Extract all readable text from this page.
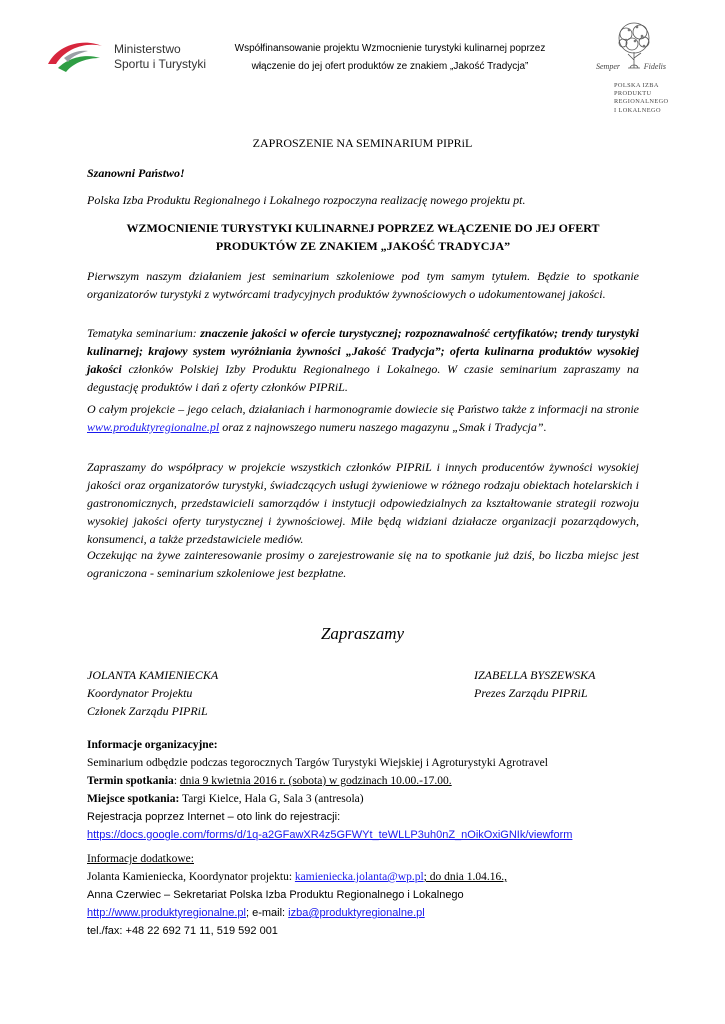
Ministerstwo
Sportu i Turystyki
Współfinansowanie projektu Wzmocnienie turystyki kulinarnej poprzez
włączenie do jej ofert produktów ze znakiem „Jakość Tradycja”	Semper	Fidelis
POLSKA IZBA
PRODUKTU
REGIONALNEGO
I LOKALNEGO
ZAPROSZENIE NA SEMINARIUM PIPRiL
Szanowni Państwo!
Polska Izba Produktu Regionalnego i Lokalnego rozpoczyna realizację nowego projektu pt.
WZMOCNIENIE TURYSTYKI KULINARNEJ POPRZEZ WŁĄCZENIE DO JEJ OFERT
PRODUKTÓW ZE ZNAKIEM „JAKOŚĆ TRADYCJA”
Pierwszym naszym działaniem jest seminarium szkoleniowe pod tym samym tytułem. Będzie to spotkanie organizatorów turystyki z wytwórcami tradycyjnych produktów żywnościowych o udokumentowanej jakości.
Tematyka seminarium: znaczenie jakości w ofercie turystycznej; rozpoznawalność certyfikatów; trendy turystyki kulinarnej; krajowy system wyróżniania żywności „Jakość Tradycja”; oferta kulinarna produktów wysokiej jakości członków Polskiej Izby Produktu Regionalnego i Lokalnego. W czasie seminarium zapraszamy na degustację produktów i dań z oferty członków PIPRiL.
O całym projekcie – jego celach, działaniach i harmonogramie dowiecie się Państwo także z informacji na stronie www.produktyregionalne.pl oraz z najnowszego numeru naszego magazynu „Smak i Tradycja”.
Zapraszamy do współpracy w projekcie wszystkich członków PIPRiL i innych producentów żywności wysokiej jakości oraz organizatorów turystyki, świadczących usługi żywieniowe w różnego rodzaju obiektach hotelarskich i gastronomicznych, przedstawicieli samorządów i instytucji odpowiedzialnych za kształtowanie strategii rozwoju wysokiej jakości oferty turystycznej i żywnościowej. Miłe będą widziani działacze organizacji pozarządowych, konsumenci, a także przedstawiciele mediów.
Oczekując na żywe zainteresowanie prosimy o zarejestrowanie się na to spotkanie już dziś, bo liczba miejsc jest ograniczona - seminarium szkoleniowe jest bezpłatne.
Zapraszamy
JOLANTA KAMIENIECKA
Koordynator Projektu
Członek Zarządu PIPRiL
IZABELLA BYSZEWSKA
Prezes Zarządu PIPRiL
Informacje organizacyjne:
Seminarium odbędzie podczas tegorocznych Targów Turystyki Wiejskiej i Agroturystyki Agrotravel
Termin spotkania: dnia 9 kwietnia 2016 r. (sobota) w godzinach 10.00.-17.00.
Miejsce spotkania: Targi Kielce, Hala G, Sala 3 (antresola)
Rejestracja poprzez Internet – oto link do rejestracji:
https://docs.google.com/forms/d/1q-a2GFawXR4z5GFWYt_teWLLP3uh0nZ_nOikOxiGNIk/viewform
Informacje dodatkowe:
Jolanta Kamieniecka, Koordynator projektu: kamieniecka.jolanta@wp.pl; do dnia 1.04.16.,
Anna Czerwiec – Sekretariat Polska Izba Produktu Regionalnego i Lokalnego
http://www.produktyregionalne.pl; e-mail: izba@produktyregionalne.pl
tel./fax: +48 22 692 71 11, 519 592 001
